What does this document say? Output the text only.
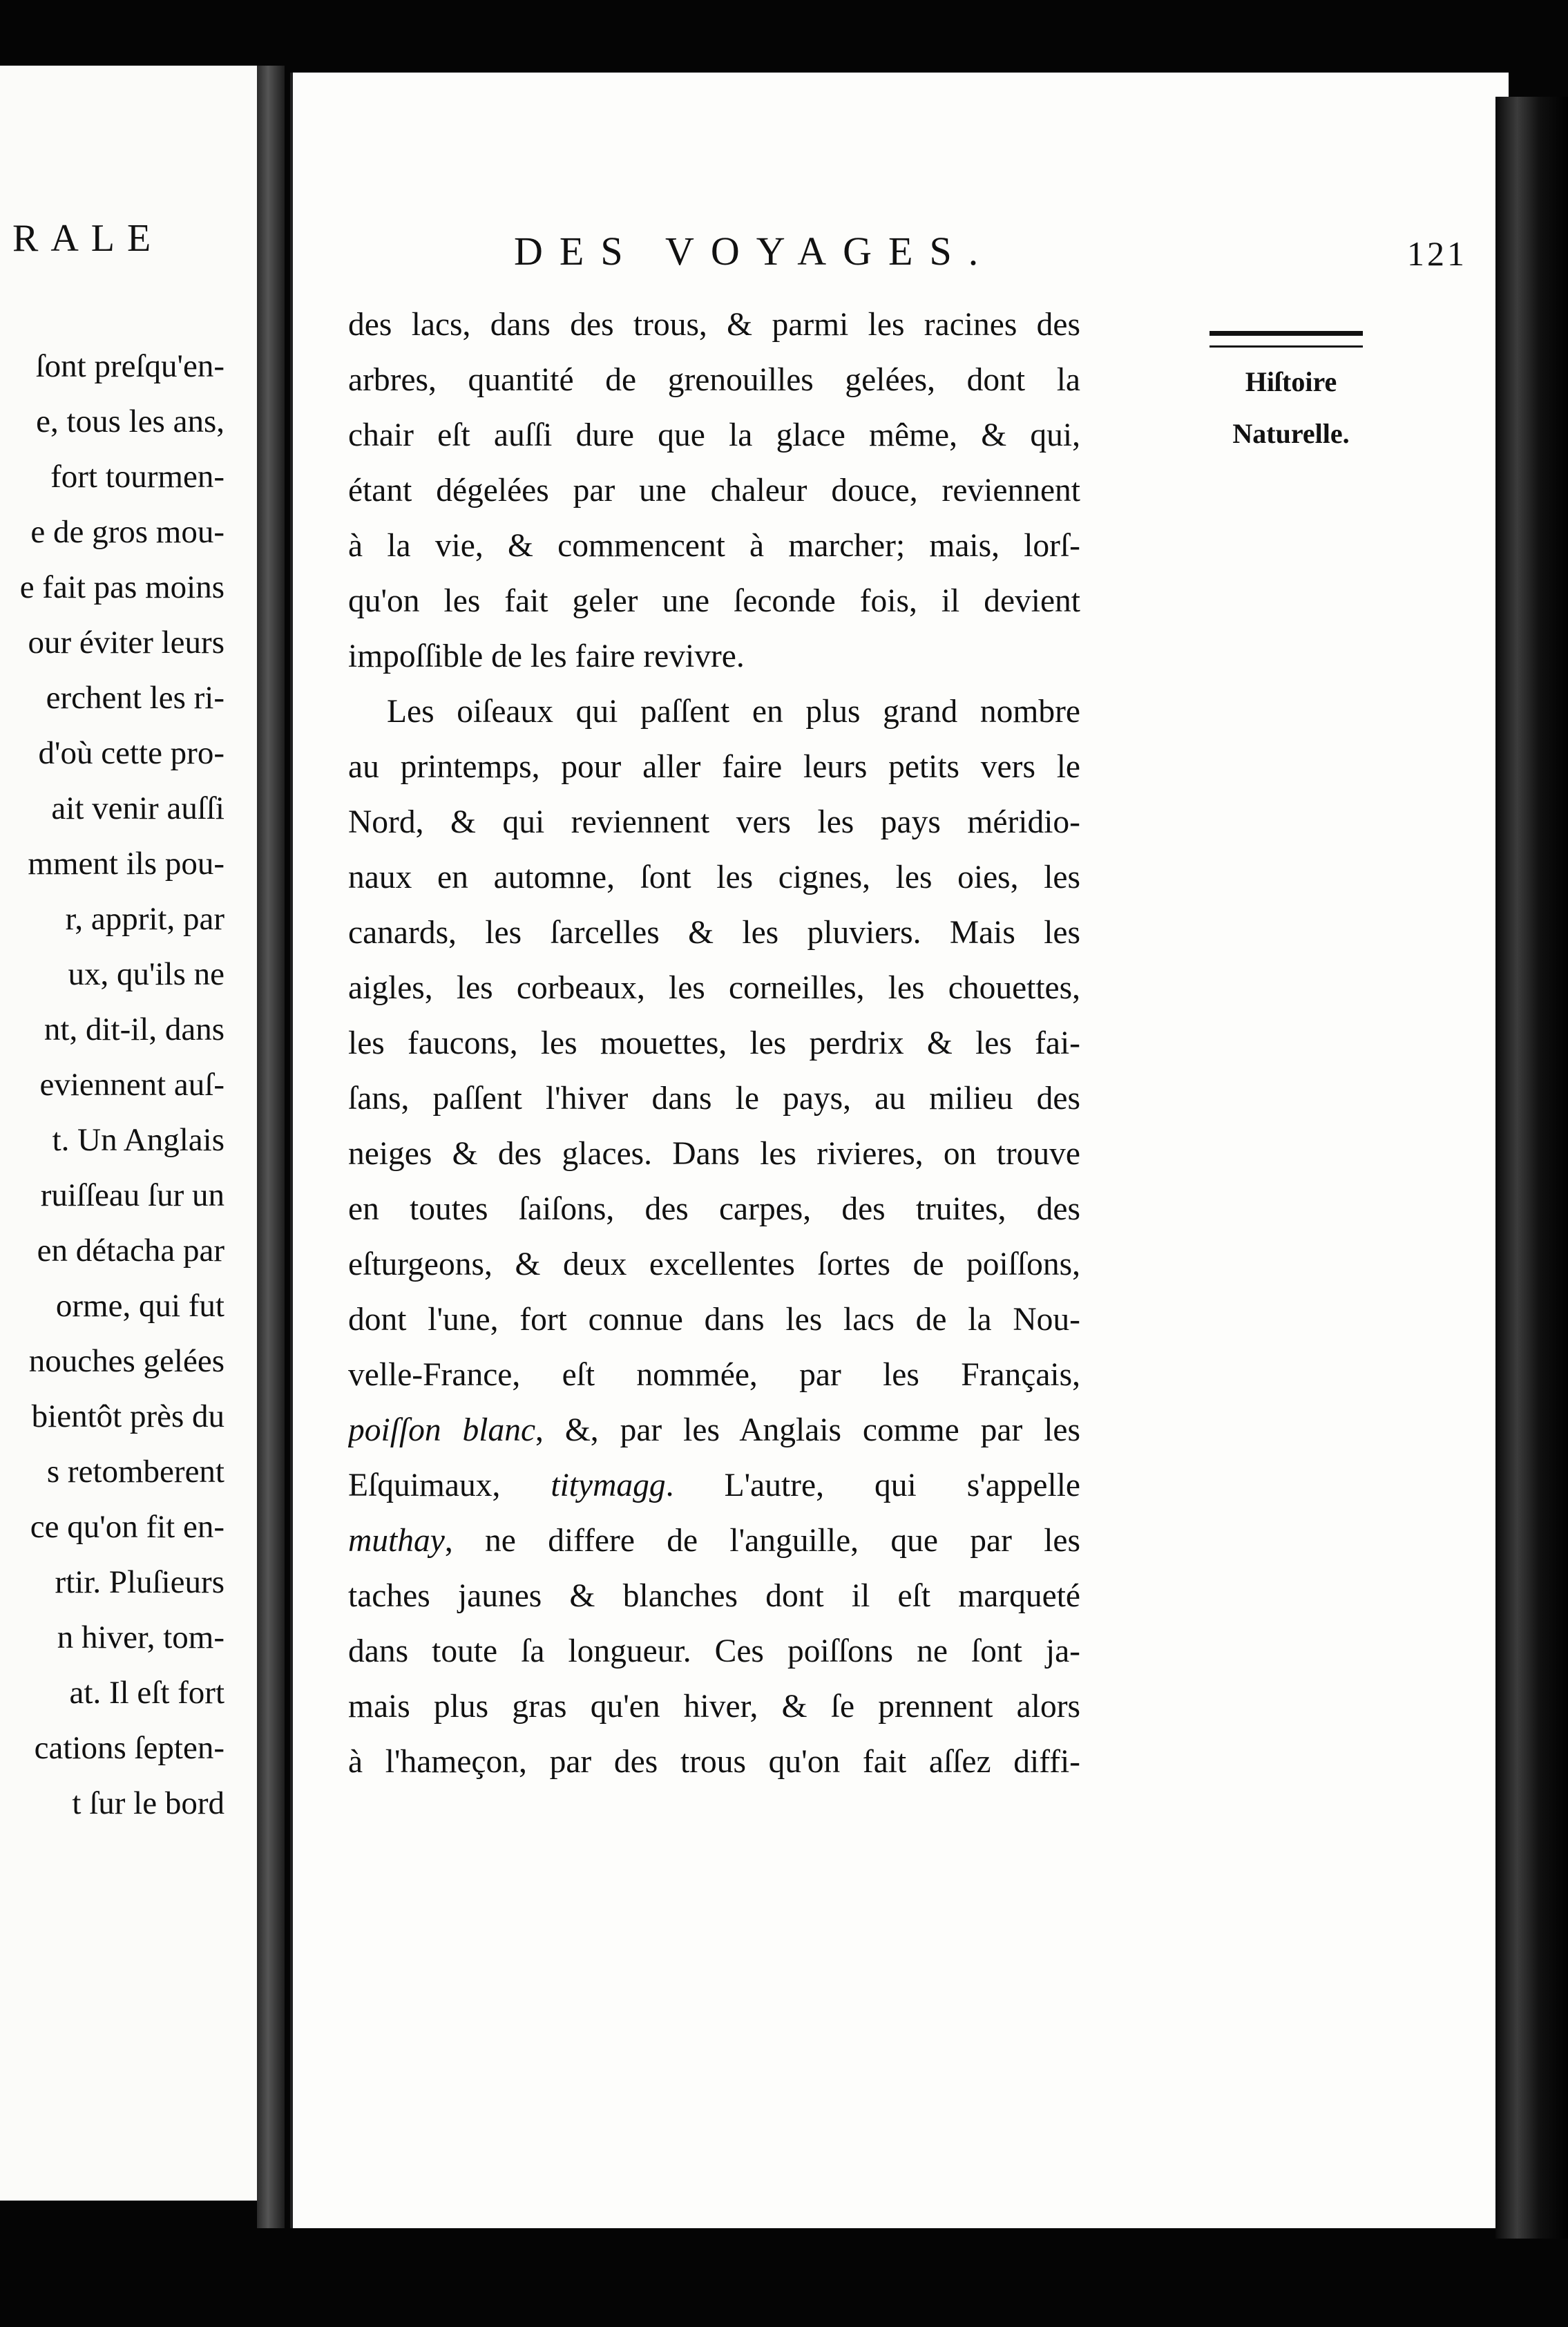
RALE
ſont preſqu'en-
e, tous les ans,
fort tourmen-
e de gros mou-
e fait pas moins
our éviter leurs
erchent les ri-
d'où cette pro-
ait venir auſſi
mment ils pou-
r, apprit, par
ux, qu'ils ne
nt, dit-il, dans
eviennent auſ-
t. Un Anglais
ruiſſeau ſur un
en détacha par
orme, qui fut
nouches gelées
bientôt près du
s retomberent
ce qu'on fit en-
rtir. Pluſieurs
n hiver, tom-
at. Il eſt fort
cations ſepten-
t ſur le bord
DES VOYAGES.	121
des lacs, dans des trous, & parmi les racines des
arbres, quantité de grenouilles gelées, dont la
chair eſt auſſi dure que la glace même, & qui,
étant dégelées par une chaleur douce, reviennent
à la vie, & commencent à marcher; mais, lorſ-
qu'on les fait geler une ſeconde fois, il devient
impoſſible de les faire revivre.
Les oiſeaux qui paſſent en plus grand nombre
au printemps, pour aller faire leurs petits vers le
Nord, & qui reviennent vers les pays méridio-
naux en automne, ſont les cignes, les oies, les
canards, les ſarcelles & les pluviers. Mais les
aigles, les corbeaux, les corneilles, les chouettes,
les faucons, les mouettes, les perdrix & les fai-
ſans, paſſent l'hiver dans le pays, au milieu des
neiges & des glaces. Dans les rivieres, on trouve
en toutes ſaiſons, des carpes, des truites, des
eſturgeons, & deux excellentes ſortes de poiſſons,
dont l'une, fort connue dans les lacs de la Nou-
velle-France, eſt nommée, par les Français,
poiſſon blanc, &, par les Anglais comme par les
Eſquimaux, titymagg. L'autre, qui s'appelle
muthay, ne differe de l'anguille, que par les
taches jaunes & blanches dont il eſt marqueté
dans toute ſa longueur. Ces poiſſons ne ſont ja-
mais plus gras qu'en hiver, & ſe prennent alors
à l'hameçon, par des trous qu'on fait aſſez diffi-
Hiſtoire
Naturelle.
